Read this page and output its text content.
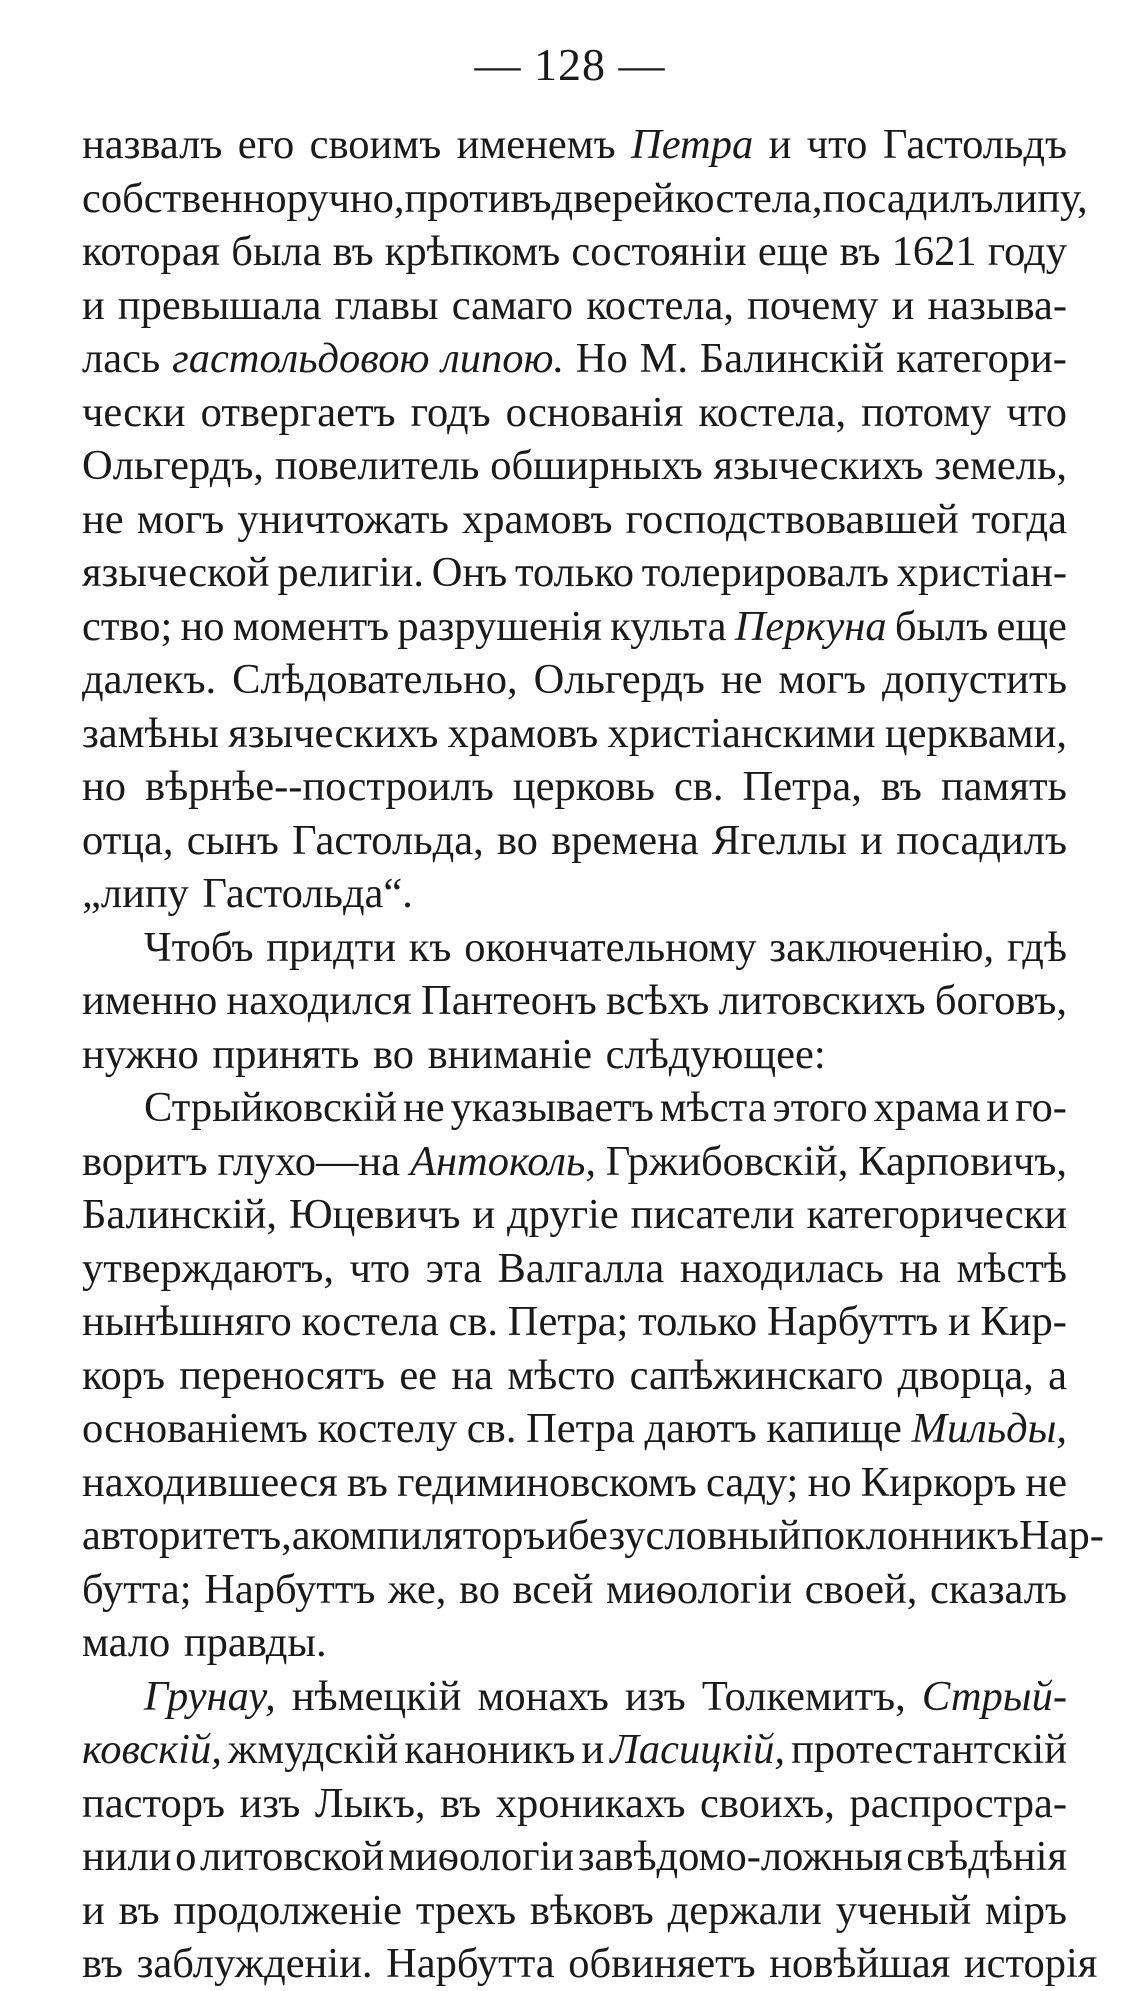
— 128 —
назвалъ его своимъ именемъ Петра и что Гастольдъ
собственноручно, противъ дверей костела, посадилъ липу,
которая была въ крѣпкомъ состоянiи еще въ 1621 году
и превышала главы самаго костела, почему и называ-
лась гастольдовою липою. Но М. Балинскій категори-
чески отвергаетъ годъ основанiя костела, потому что
Ольгердъ, повелитель обширныхъ языческихъ земель,
не могъ уничтожать храмовъ господствовавшей тогда
языческой религіи. Онъ только толерировалъ христіан-
ство; но моментъ разрушенія культа Перкуна былъ еще
далекъ. Слѣдовательно, Ольгердъ не могъ допустить
замѣны языческихъ храмовъ христіанскими церквами,
но вѣрнѣе--построилъ церковь св. Петра, въ память
отца, сынъ Гастольда, во времена Ягеллы и посадилъ
„липу Гастольда“.
Чтобъ придти къ окончательному заключенію, гдѣ
именно находился Пантеонъ всѣхъ литовскихъ боговъ,
нужно принять во вниманіе слѣдующее:
Стрыйковскій не указываетъ мѣста этого храма и го-
воритъ глухо—на Антоколь, Гржибовскій, Карповичъ,
Балинскій, Юцевичъ и другіе писатели категорически
утверждаютъ, что эта Валгалла находилась на мѣстѣ
нынѣшняго костела св. Петра; только Нарбуттъ и Кир-
коръ переносятъ ее на мѣсто сапѣжинскаго дворца, а
основаніемъ костелу св. Петра даютъ капище Мильды,
находившееся въ гедиминовскомъ саду; но Киркоръ не
авторитетъ, а компиляторъ и безусловный поклонникъ Нар-
бутта; Нарбуттъ же, во всей миѳологіи своей, сказалъ
мало правды.
Грунау, нѣмецкій монахъ изъ Толкемитъ, Стрый-
ковскій, жмудскій каноникъ и Ласицкій, протестантскій
пасторъ изъ Лыкъ, въ хроникахъ своихъ, распростра-
нили о литовской миѳологіи завѣдомо-ложныя свѣдѣнія
и въ продолженіе трехъ вѣковъ держали ученый міръ
въ заблужденіи. Нарбутта обвиняетъ новѣйшая исторія
